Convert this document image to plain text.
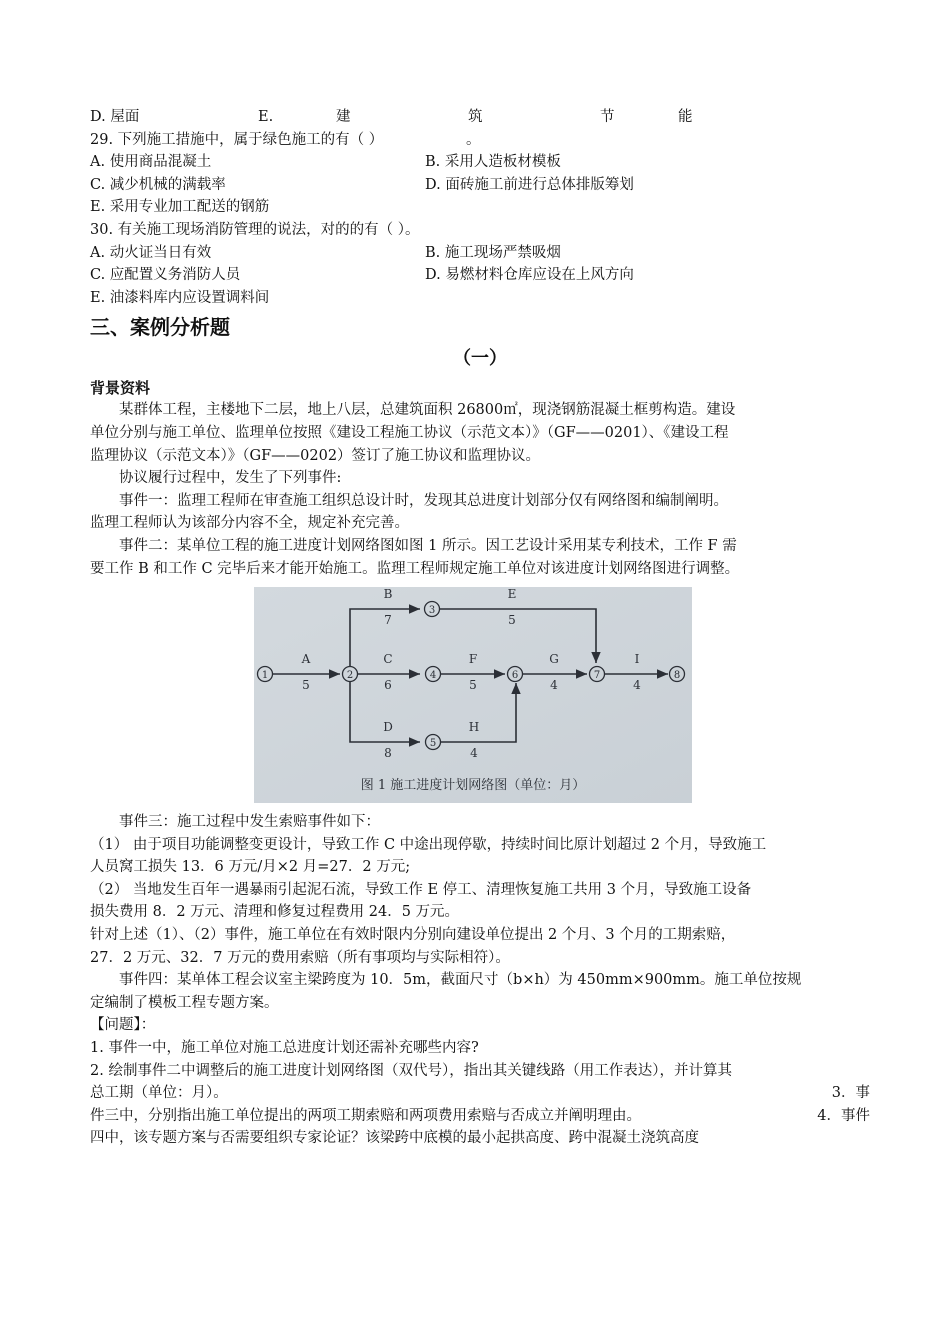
D. 屋面	E.	建	筑	节	能
29. 下列施工措施中，属于绿色施工的有（ ）	。
A. 使用商品混凝土	B. 采用人造板材模板
C. 减少机械的满载率	D. 面砖施工前进行总体排版筹划
E. 采用专业加工配送的钢筋
30. 有关施工现场消防管理的说法，对的的有（ ）。
A. 动火证当日有效	B. 施工现场严禁吸烟
C. 应配置义务消防人员	D. 易燃材料仓库应设在上风方向
E. 油漆料库内应设置调料间
三、案例分析题
（一）
背景资料
某群体工程，主楼地下二层，地上八层，总建筑面积 26800㎡，现浇钢筋混凝土框剪构造。建设
单位分别与施工单位、监理单位按照《建设工程施工协议（示范文本）》（GF——0201）、《建设工程
监理协议（示范文本）》（GF——0202）签订了施工协议和监理协议。
协议履行过程中，发生了下列事件:
事件一：监理工程师在审查施工组织总设计时，发现其总进度计划部分仅有网络图和编制阐明。
监理工程师认为该部分内容不全，规定补充完善。
事件二：某单位工程的施工进度计划网络图如图 1 所示。因工艺设计采用某专利技术，工作 F 需
要工作 B 和工作 C 完毕后来才能开始施工。监理工程师规定施工单位对该进度计划网络图进行调整。
1	2
3
4
5
6	7	8
A
5
B
7
C
6
D
8
E
5
F
5
G
4
H
4
I
4
图 1 施工进度计划网络图（单位：月）
事件三：施工过程中发生索赔事件如下：
（1） 由于项目功能调整变更设计，导致工作 C 中途出现停歇，持续时间比原计划超过 2 个月，导致施工
人员窝工损失 13．6 万元/月×2 月=27．2 万元;
（2） 当地发生百年一遇暴雨引起泥石流，导致工作 E 停工、清理恢复施工共用 3 个月，导致施工设备
损失费用 8．2 万元、清理和修复过程费用 24．5 万元。
针对上述（1）、（2）事件，施工单位在有效时限内分别向建设单位提出 2 个月、3 个月的工期索赔，
27．2 万元、32．7 万元的费用索赔（所有事项均与实际相符）。
事件四：某单体工程会议室主梁跨度为 10．5m，截面尺寸（b×h）为 450mm×900mm。施工单位按规
定编制了模板工程专题方案。
【问题】：
1. 事件一中，施工单位对施工总进度计划还需补充哪些内容?
2. 绘制事件二中调整后的施工进度计划网络图（双代号），指出其关键线路（用工作表达），并计算其
总工期（单位：月）。	3．事
件三中，分别指出施工单位提出的两项工期索赔和两项费用索赔与否成立并阐明理由。	4．事件
四中，该专题方案与否需要组织专家论证？该梁跨中底模的最小起拱高度、跨中混凝土浇筑高度
